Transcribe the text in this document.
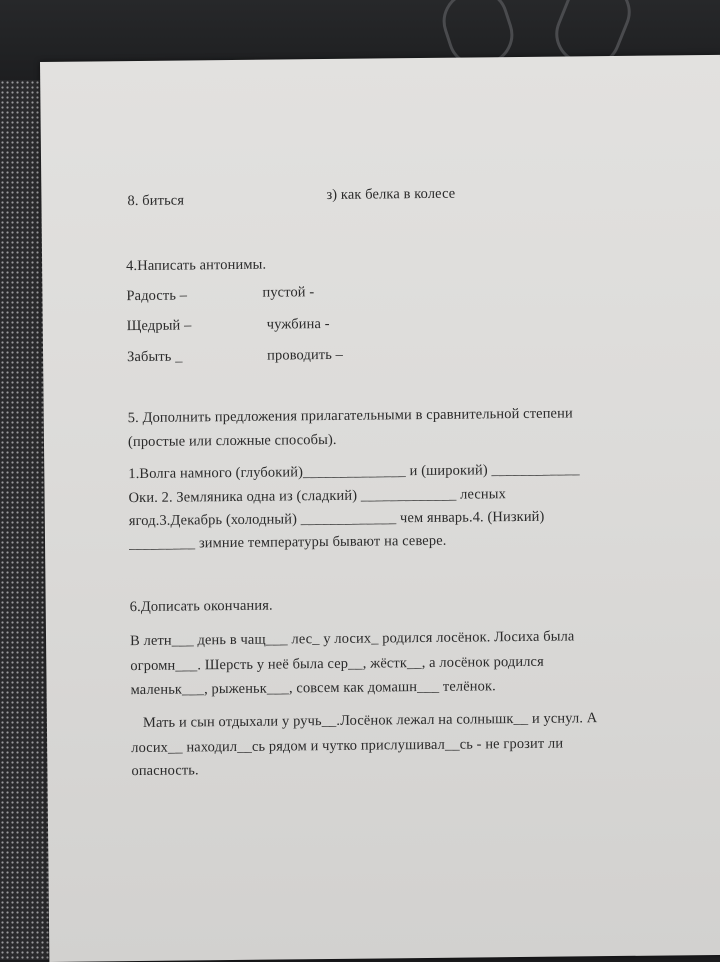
8. биться	з) как белка в колесе
4.Написать антонимы.
Радость –	пустой -
Щедрый –	чужбина -
Забыть _	проводить –
5. Дополнить предложения прилагательными в сравнительной степени
(простые или сложные способы).
1.Волга намного (глубокий)______________ и (широкий) ____________
Оки. 2. Земляника одна из (сладкий) _____________ лесных
ягод.3.Декабрь (холодный) _____________ чем январь.4. (Низкий)
_________ зимние температуры бывают на севере.
6.Дописать окончания.
В летн___ день в чащ___ лес_ у лосих_ родился лосёнок. Лосиха была
огромн___. Шерсть у неё была сер__, жёстк__, а лосёнок родился
маленьк___, рыженьк___, совсем как домашн___ телёнок.
Мать и сын отдыхали у ручь__.Лосёнок лежал на солнышк__ и уснул. А
лосих__ находил__сь рядом и чутко прислушивал__сь - не грозит ли
опасность.
